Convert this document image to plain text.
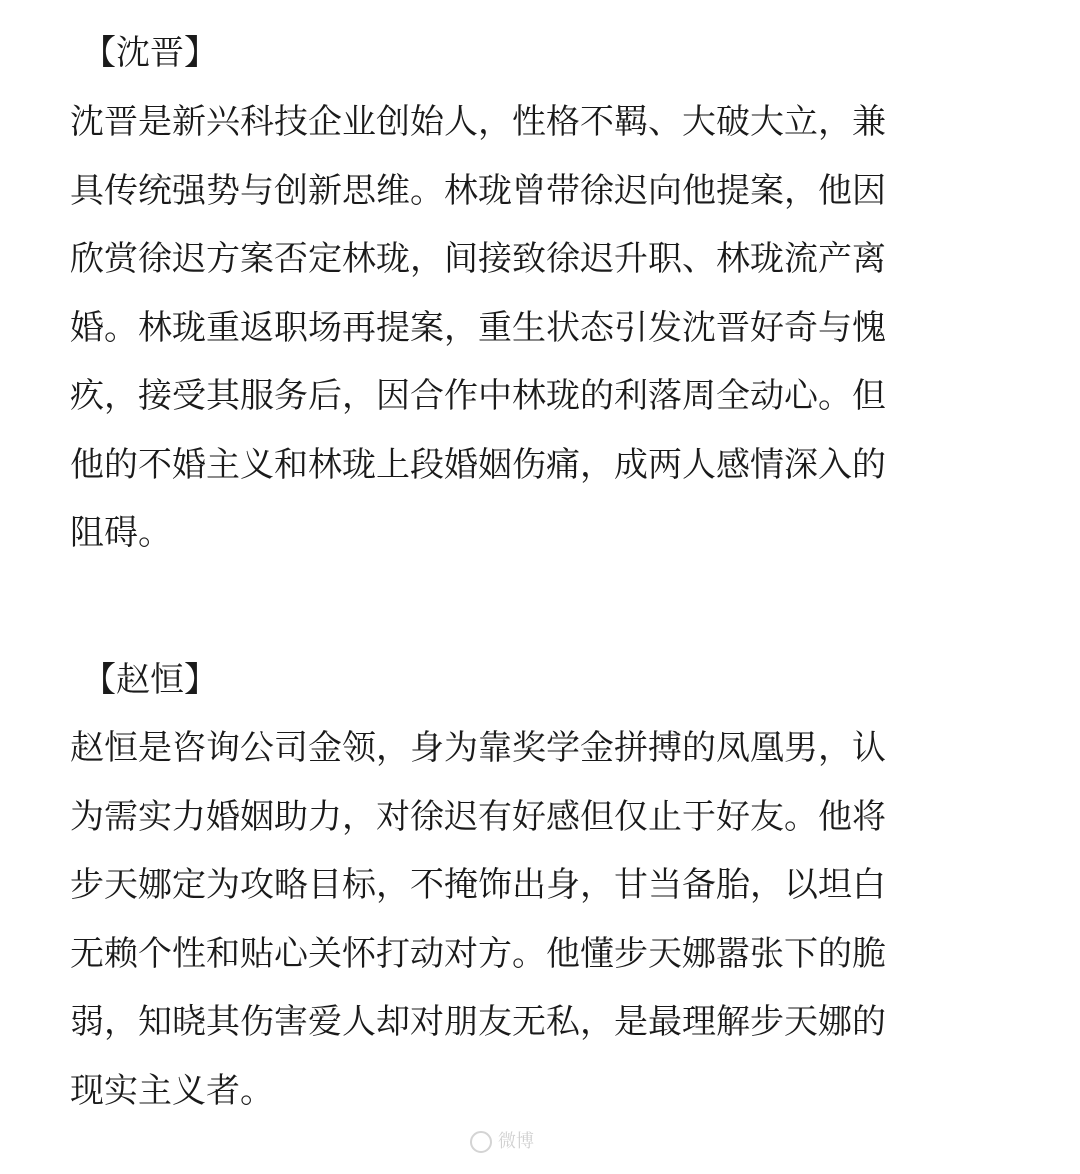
【沈晋】
沈晋是新兴科技企业创始人，性格不羁、大破大立，兼
具传统强势与创新思维。林珑曾带徐迟向他提案，他因
欣赏徐迟方案否定林珑，间接致徐迟升职、林珑流产离
婚。林珑重返职场再提案，重生状态引发沈晋好奇与愧
疚，接受其服务后，因合作中林珑的利落周全动心。但
他的不婚主义和林珑上段婚姻伤痛，成两人感情深入的
阻碍。
【赵恒】
赵恒是咨询公司金领，身为靠奖学金拼搏的凤凰男，认
为需实力婚姻助力，对徐迟有好感但仅止于好友。他将
步天娜定为攻略目标，不掩饰出身，甘当备胎，以坦白
无赖个性和贴心关怀打动对方。他懂步天娜嚣张下的脆
弱，知晓其伤害爱人却对朋友无私，是最理解步天娜的
现实主义者。
微博
